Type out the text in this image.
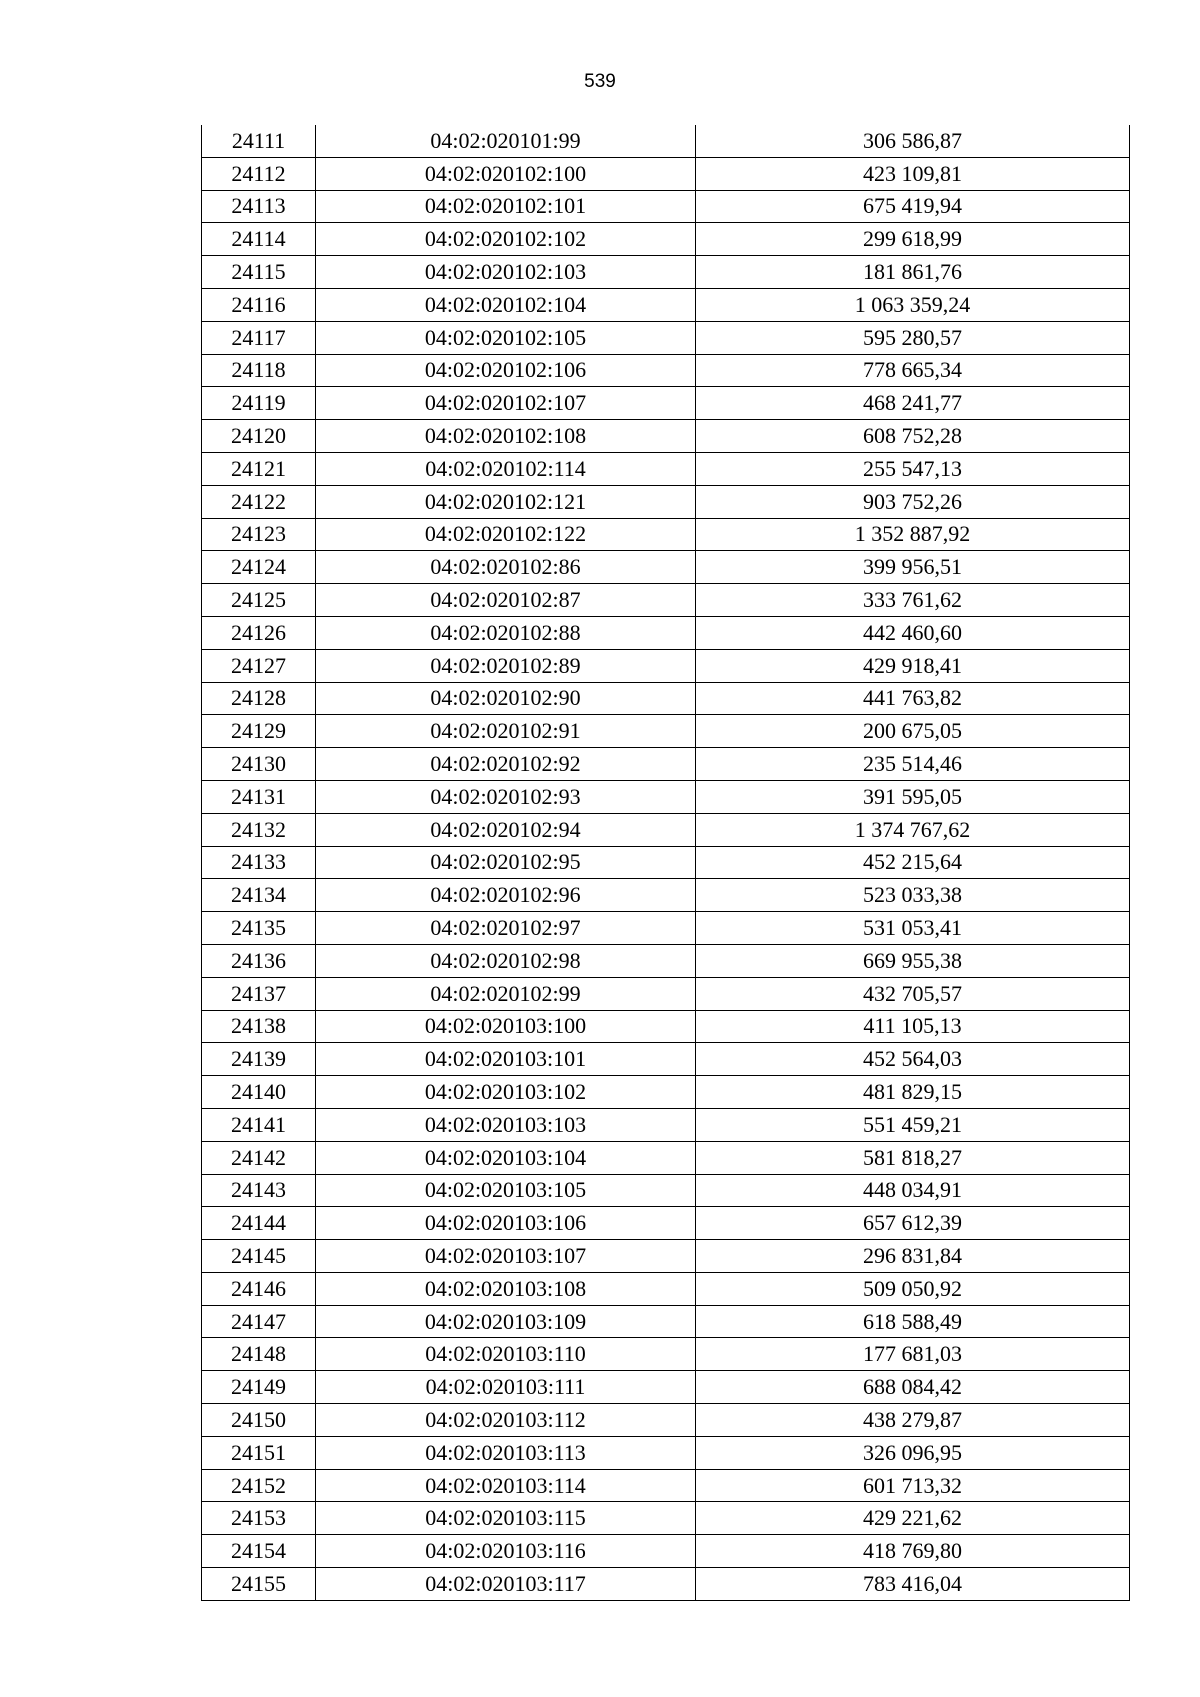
539
24111	04:02:020101:99	306 586,87
24112	04:02:020102:100	423 109,81
24113	04:02:020102:101	675 419,94
24114	04:02:020102:102	299 618,99
24115	04:02:020102:103	181 861,76
24116	04:02:020102:104	1 063 359,24
24117	04:02:020102:105	595 280,57
24118	04:02:020102:106	778 665,34
24119	04:02:020102:107	468 241,77
24120	04:02:020102:108	608 752,28
24121	04:02:020102:114	255 547,13
24122	04:02:020102:121	903 752,26
24123	04:02:020102:122	1 352 887,92
24124	04:02:020102:86	399 956,51
24125	04:02:020102:87	333 761,62
24126	04:02:020102:88	442 460,60
24127	04:02:020102:89	429 918,41
24128	04:02:020102:90	441 763,82
24129	04:02:020102:91	200 675,05
24130	04:02:020102:92	235 514,46
24131	04:02:020102:93	391 595,05
24132	04:02:020102:94	1 374 767,62
24133	04:02:020102:95	452 215,64
24134	04:02:020102:96	523 033,38
24135	04:02:020102:97	531 053,41
24136	04:02:020102:98	669 955,38
24137	04:02:020102:99	432 705,57
24138	04:02:020103:100	411 105,13
24139	04:02:020103:101	452 564,03
24140	04:02:020103:102	481 829,15
24141	04:02:020103:103	551 459,21
24142	04:02:020103:104	581 818,27
24143	04:02:020103:105	448 034,91
24144	04:02:020103:106	657 612,39
24145	04:02:020103:107	296 831,84
24146	04:02:020103:108	509 050,92
24147	04:02:020103:109	618 588,49
24148	04:02:020103:110	177 681,03
24149	04:02:020103:111	688 084,42
24150	04:02:020103:112	438 279,87
24151	04:02:020103:113	326 096,95
24152	04:02:020103:114	601 713,32
24153	04:02:020103:115	429 221,62
24154	04:02:020103:116	418 769,80
24155	04:02:020103:117	783 416,04
